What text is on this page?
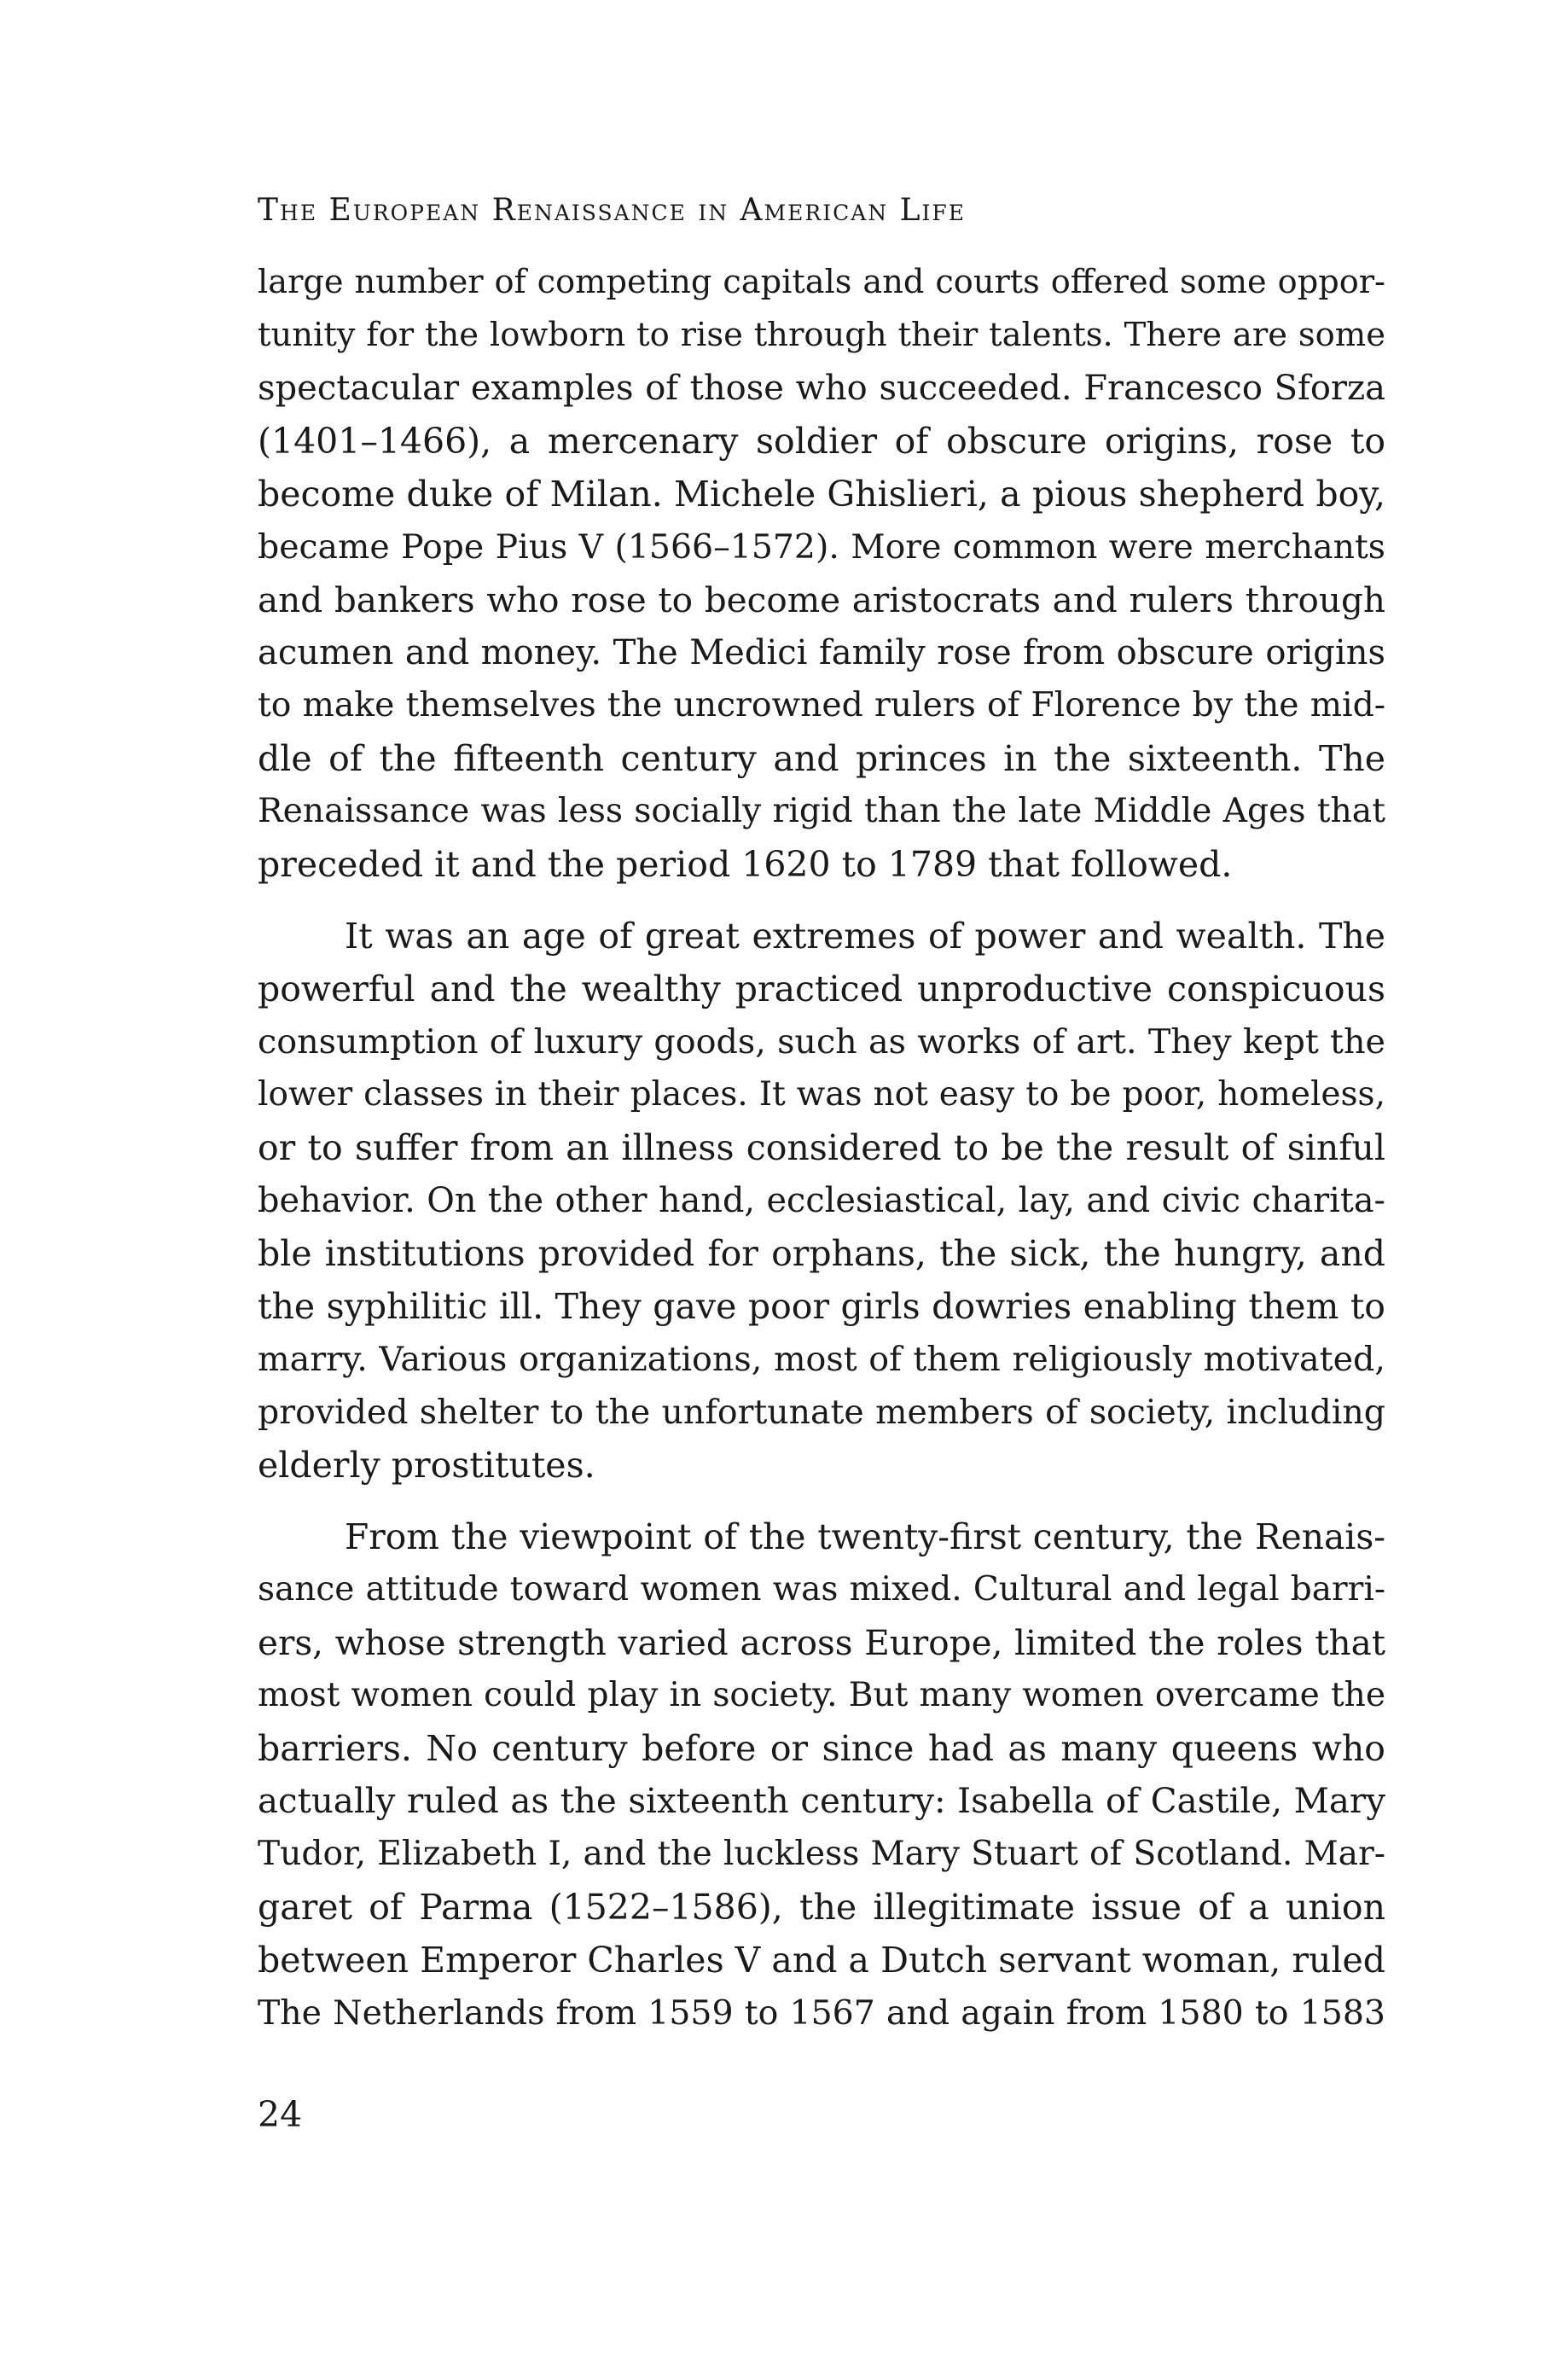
The European Renaissance in American Life
large number of competing capitals and courts offered some oppor-
tunity for the lowborn to rise through their talents. There are some
spectacular examples of those who succeeded. Francesco Sforza
(1401–1466), a mercenary soldier of obscure origins, rose to
become duke of Milan. Michele Ghislieri, a pious shepherd boy,
became Pope Pius V (1566–1572). More common were merchants
and bankers who rose to become aristocrats and rulers through
acumen and money. The Medici family rose from obscure origins
to make themselves the uncrowned rulers of Florence by the mid-
dle of the fifteenth century and princes in the sixteenth. The
Renaissance was less socially rigid than the late Middle Ages that
preceded it and the period 1620 to 1789 that followed.
It was an age of great extremes of power and wealth. The
powerful and the wealthy practiced unproductive conspicuous
consumption of luxury goods, such as works of art. They kept the
lower classes in their places. It was not easy to be poor, homeless,
or to suffer from an illness considered to be the result of sinful
behavior. On the other hand, ecclesiastical, lay, and civic charita-
ble institutions provided for orphans, the sick, the hungry, and
the syphilitic ill. They gave poor girls dowries enabling them to
marry. Various organizations, most of them religiously motivated,
provided shelter to the unfortunate members of society, including
elderly prostitutes.
From the viewpoint of the twenty-first century, the Renais-
sance attitude toward women was mixed. Cultural and legal barri-
ers, whose strength varied across Europe, limited the roles that
most women could play in society. But many women overcame the
barriers. No century before or since had as many queens who
actually ruled as the sixteenth century: Isabella of Castile, Mary
Tudor, Elizabeth I, and the luckless Mary Stuart of Scotland. Mar-
garet of Parma (1522–1586), the illegitimate issue of a union
between Emperor Charles V and a Dutch servant woman, ruled
The Netherlands from 1559 to 1567 and again from 1580 to 1583
24
